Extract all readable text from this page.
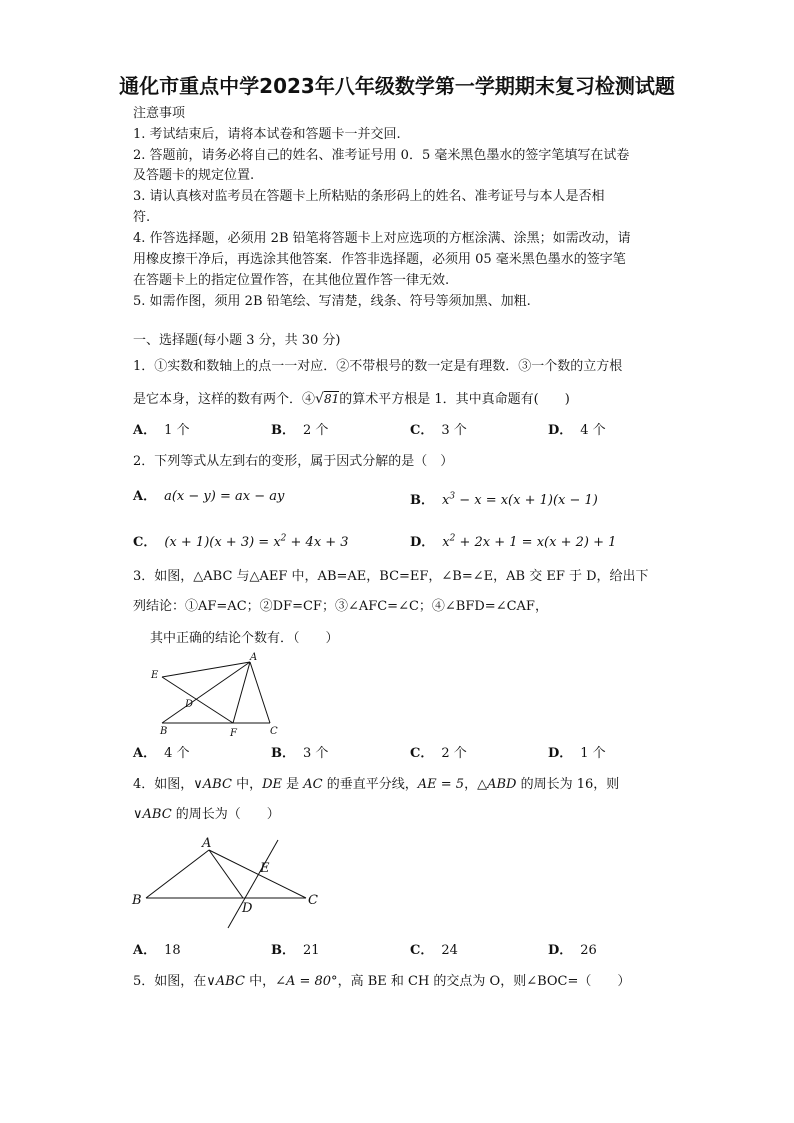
通化市重点中学2023年八年级数学第一学期期末复习检测试题
注意事项
1. 考试结束后，请将本试卷和答题卡一并交回.
2. 答题前，请务必将自己的姓名、准考证号用 0．5 毫米黑色墨水的签字笔填写在试卷
及答题卡的规定位置.
3. 请认真核对监考员在答题卡上所粘贴的条形码上的姓名、准考证号与本人是否相
符.
4. 作答选择题，必须用 2B 铅笔将答题卡上对应选项的方框涂满、涂黑；如需改动，请
用橡皮擦干净后，再选涂其他答案．作答非选择题，必须用 05 毫米黑色墨水的签字笔
在答题卡上的指定位置作答，在其他位置作答一律无效.
5. 如需作图，须用 2B 铅笔绘、写清楚，线条、符号等须加黑、加粗.
一、选择题(每小题 3 分，共 30 分)
1．①实数和数轴上的点一一对应．②不带根号的数一定是有理数．③一个数的立方根
是它本身，这样的数有两个．④√81的算术平方根是 1．其中真命题有(　　)
A． 1 个	B． 2 个	C． 3 个	D． 4 个
2．下列等式从左到右的变形，属于因式分解的是（　）
A． a(x − y) = ax − ay	B． $x^3 - x = x(x + 1)(x - 1)$
C． $(x + 1)(x + 3) = x^2 + 4x + 3$	D． $x^2 + 2x + 1 = x(x + 2) + 1$
3．如图，△ABC 与△AEF 中，AB=AE，BC=EF，∠B=∠E，AB 交 EF 于 D，给出下
列结论：①AF=AC；②DF=CF；③∠AFC=∠C；④∠BFD=∠CAF，
其中正确的结论个数有．（　　）
E
A
D
B	F	C
A． 4 个	B． 3 个	C． 2 个	D． 1 个
4．如图，∨ABC 中，DE 是 AC 的垂直平分线，AE = 5，△ABD 的周长为 16，则
∨ABC 的周长为（　　）
A
B	C
D
E
A． 18	B． 21	C． 24	D． 26
5．如图，在∨ABC 中，∠A = 80°，高 BE 和 CH 的交点为 O，则∠BOC=（　　）
